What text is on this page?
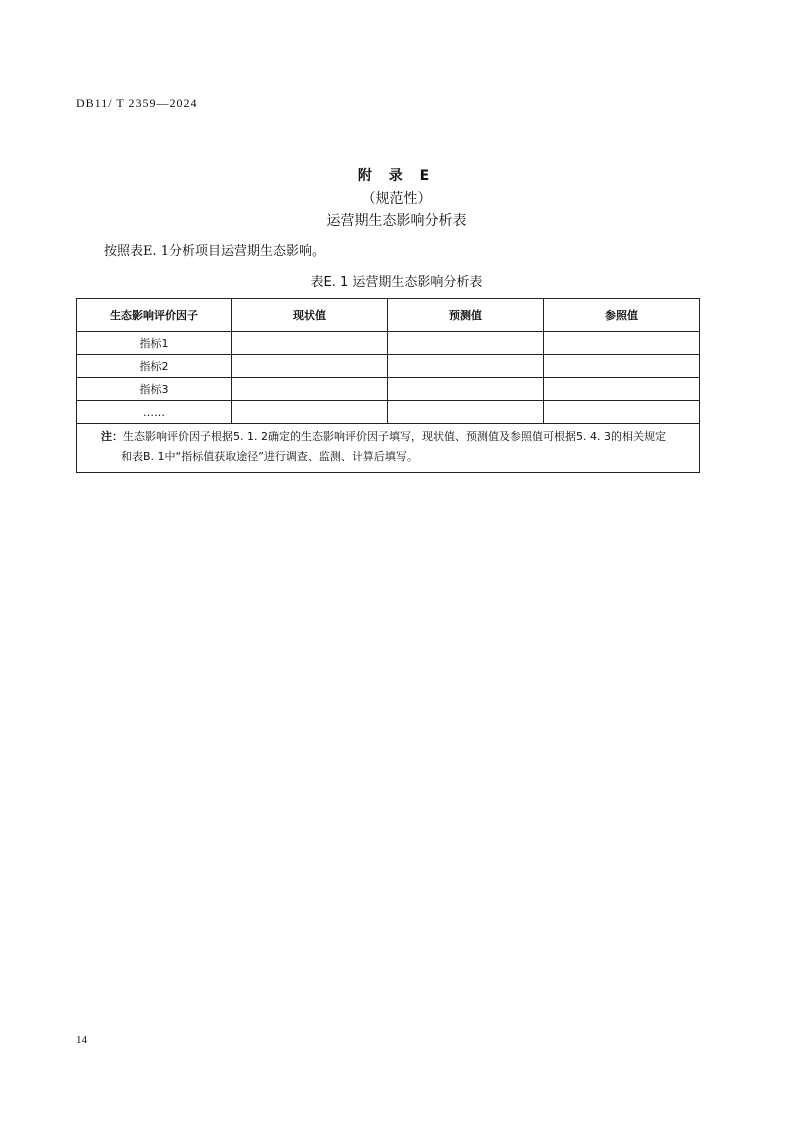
DB11/ T 2359—2024
附 录 E
（规范性）
运营期生态影响分析表
按照表E. 1分析项目运营期生态影响。
表E. 1 运营期生态影响分析表
生态影响评价因子	现状值	预测值	参照值
指标1			
指标2			
指标3			
……			
注：生态影响评价因子根据5. 1. 2确定的生态影响评价因子填写，现状值、预测值及参照值可根据5. 4. 3的相关规定
和表B. 1中“指标值获取途径”进行调查、监测、计算后填写。			
14
